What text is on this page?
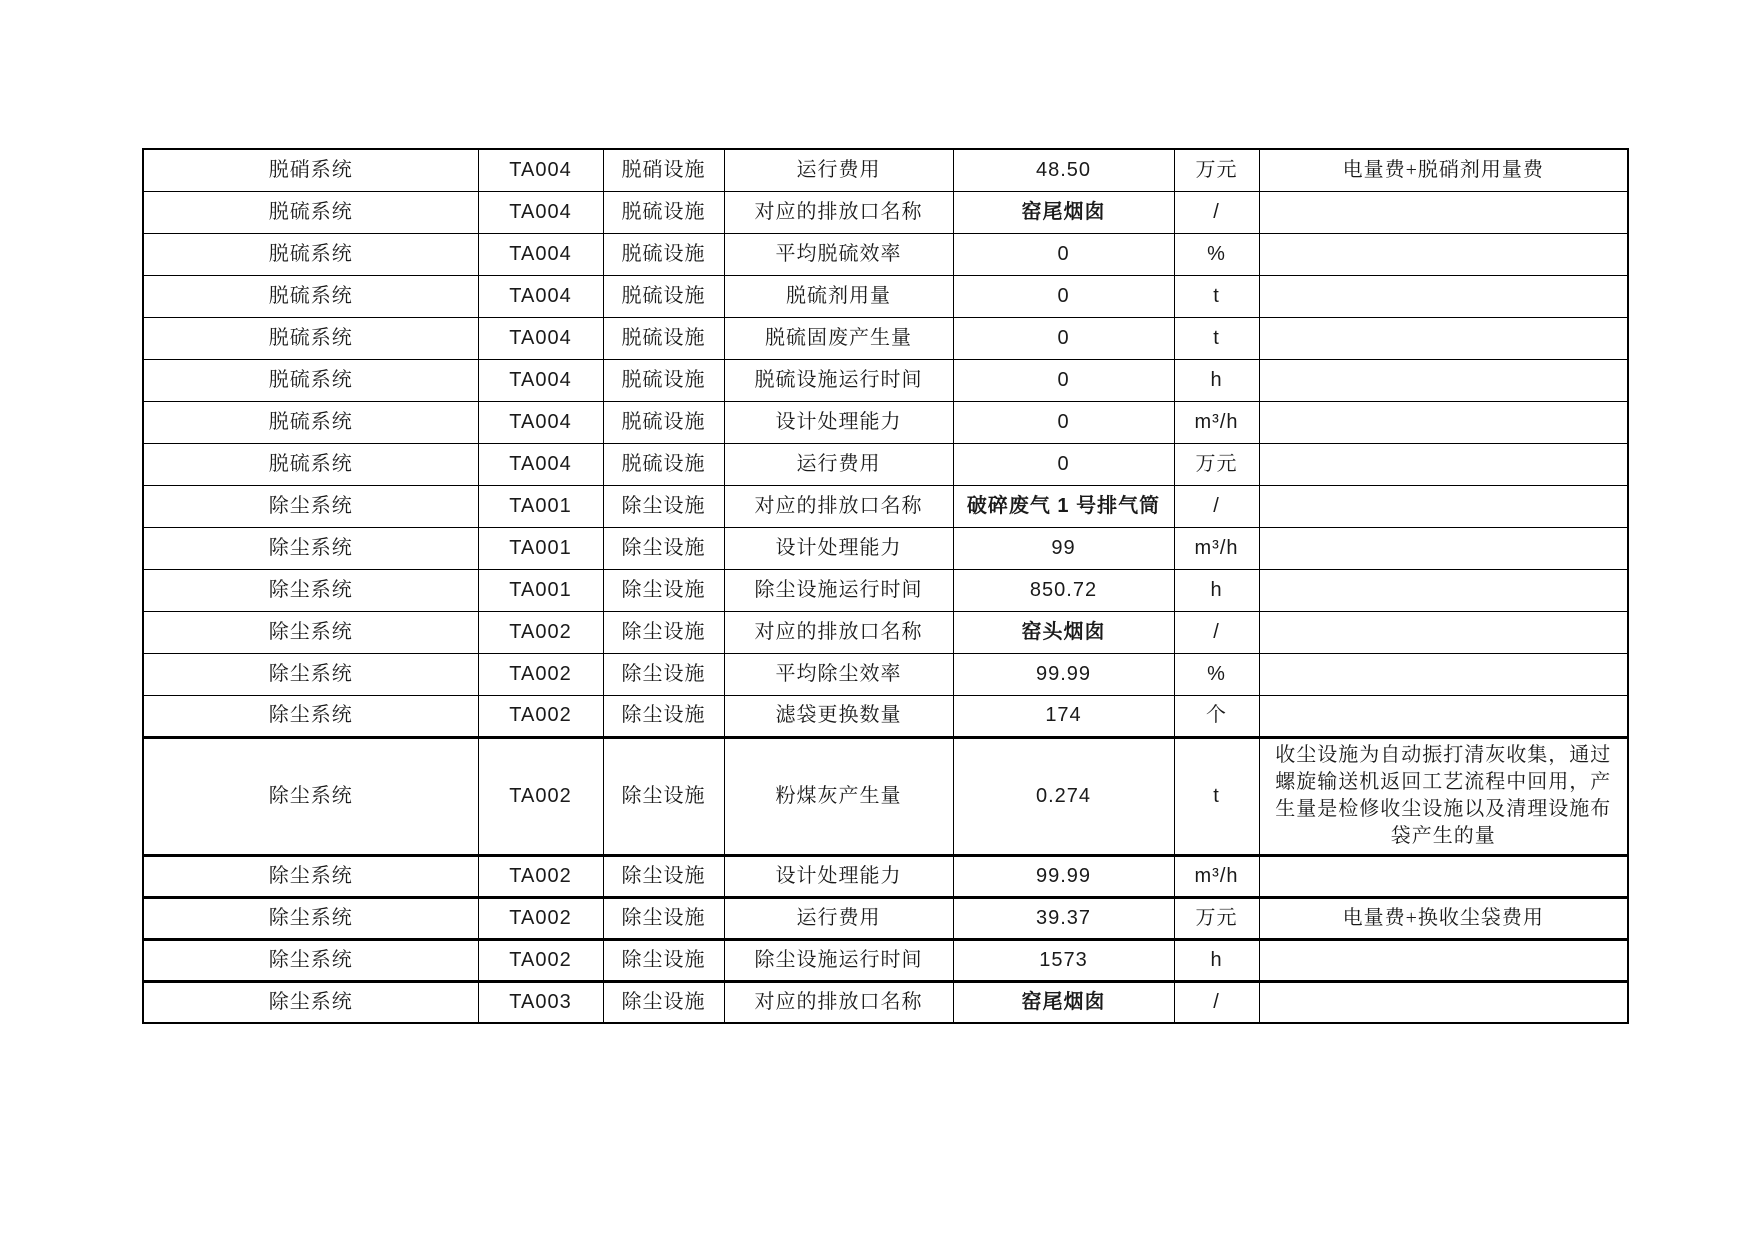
脱硝系统	TA004	脱硝设施	运行费用	48.50	万元	电量费+脱硝剂用量费
脱硫系统	TA004	脱硫设施	对应的排放口名称	窑尾烟囱	/	
脱硫系统	TA004	脱硫设施	平均脱硫效率	0	%	
脱硫系统	TA004	脱硫设施	脱硫剂用量	0	t	
脱硫系统	TA004	脱硫设施	脱硫固废产生量	0	t	
脱硫系统	TA004	脱硫设施	脱硫设施运行时间	0	h	
脱硫系统	TA004	脱硫设施	设计处理能力	0	m³/h	
脱硫系统	TA004	脱硫设施	运行费用	0	万元	
除尘系统	TA001	除尘设施	对应的排放口名称	破碎废气 1 号排气筒	/	
除尘系统	TA001	除尘设施	设计处理能力	99	m³/h	
除尘系统	TA001	除尘设施	除尘设施运行时间	850.72	h	
除尘系统	TA002	除尘设施	对应的排放口名称	窑头烟囱	/	
除尘系统	TA002	除尘设施	平均除尘效率	99.99	%	
除尘系统	TA002	除尘设施	滤袋更换数量	174	个	
除尘系统	TA002	除尘设施	粉煤灰产生量	0.274	t	收尘设施为自动振打清灰收集，通过螺旋输送机返回工艺流程中回用，产生量是检修收尘设施以及清理设施布袋产生的量
除尘系统	TA002	除尘设施	设计处理能力	99.99	m³/h	
除尘系统	TA002	除尘设施	运行费用	39.37	万元	电量费+换收尘袋费用
除尘系统	TA002	除尘设施	除尘设施运行时间	1573	h	
除尘系统	TA003	除尘设施	对应的排放口名称	窑尾烟囱	/	
